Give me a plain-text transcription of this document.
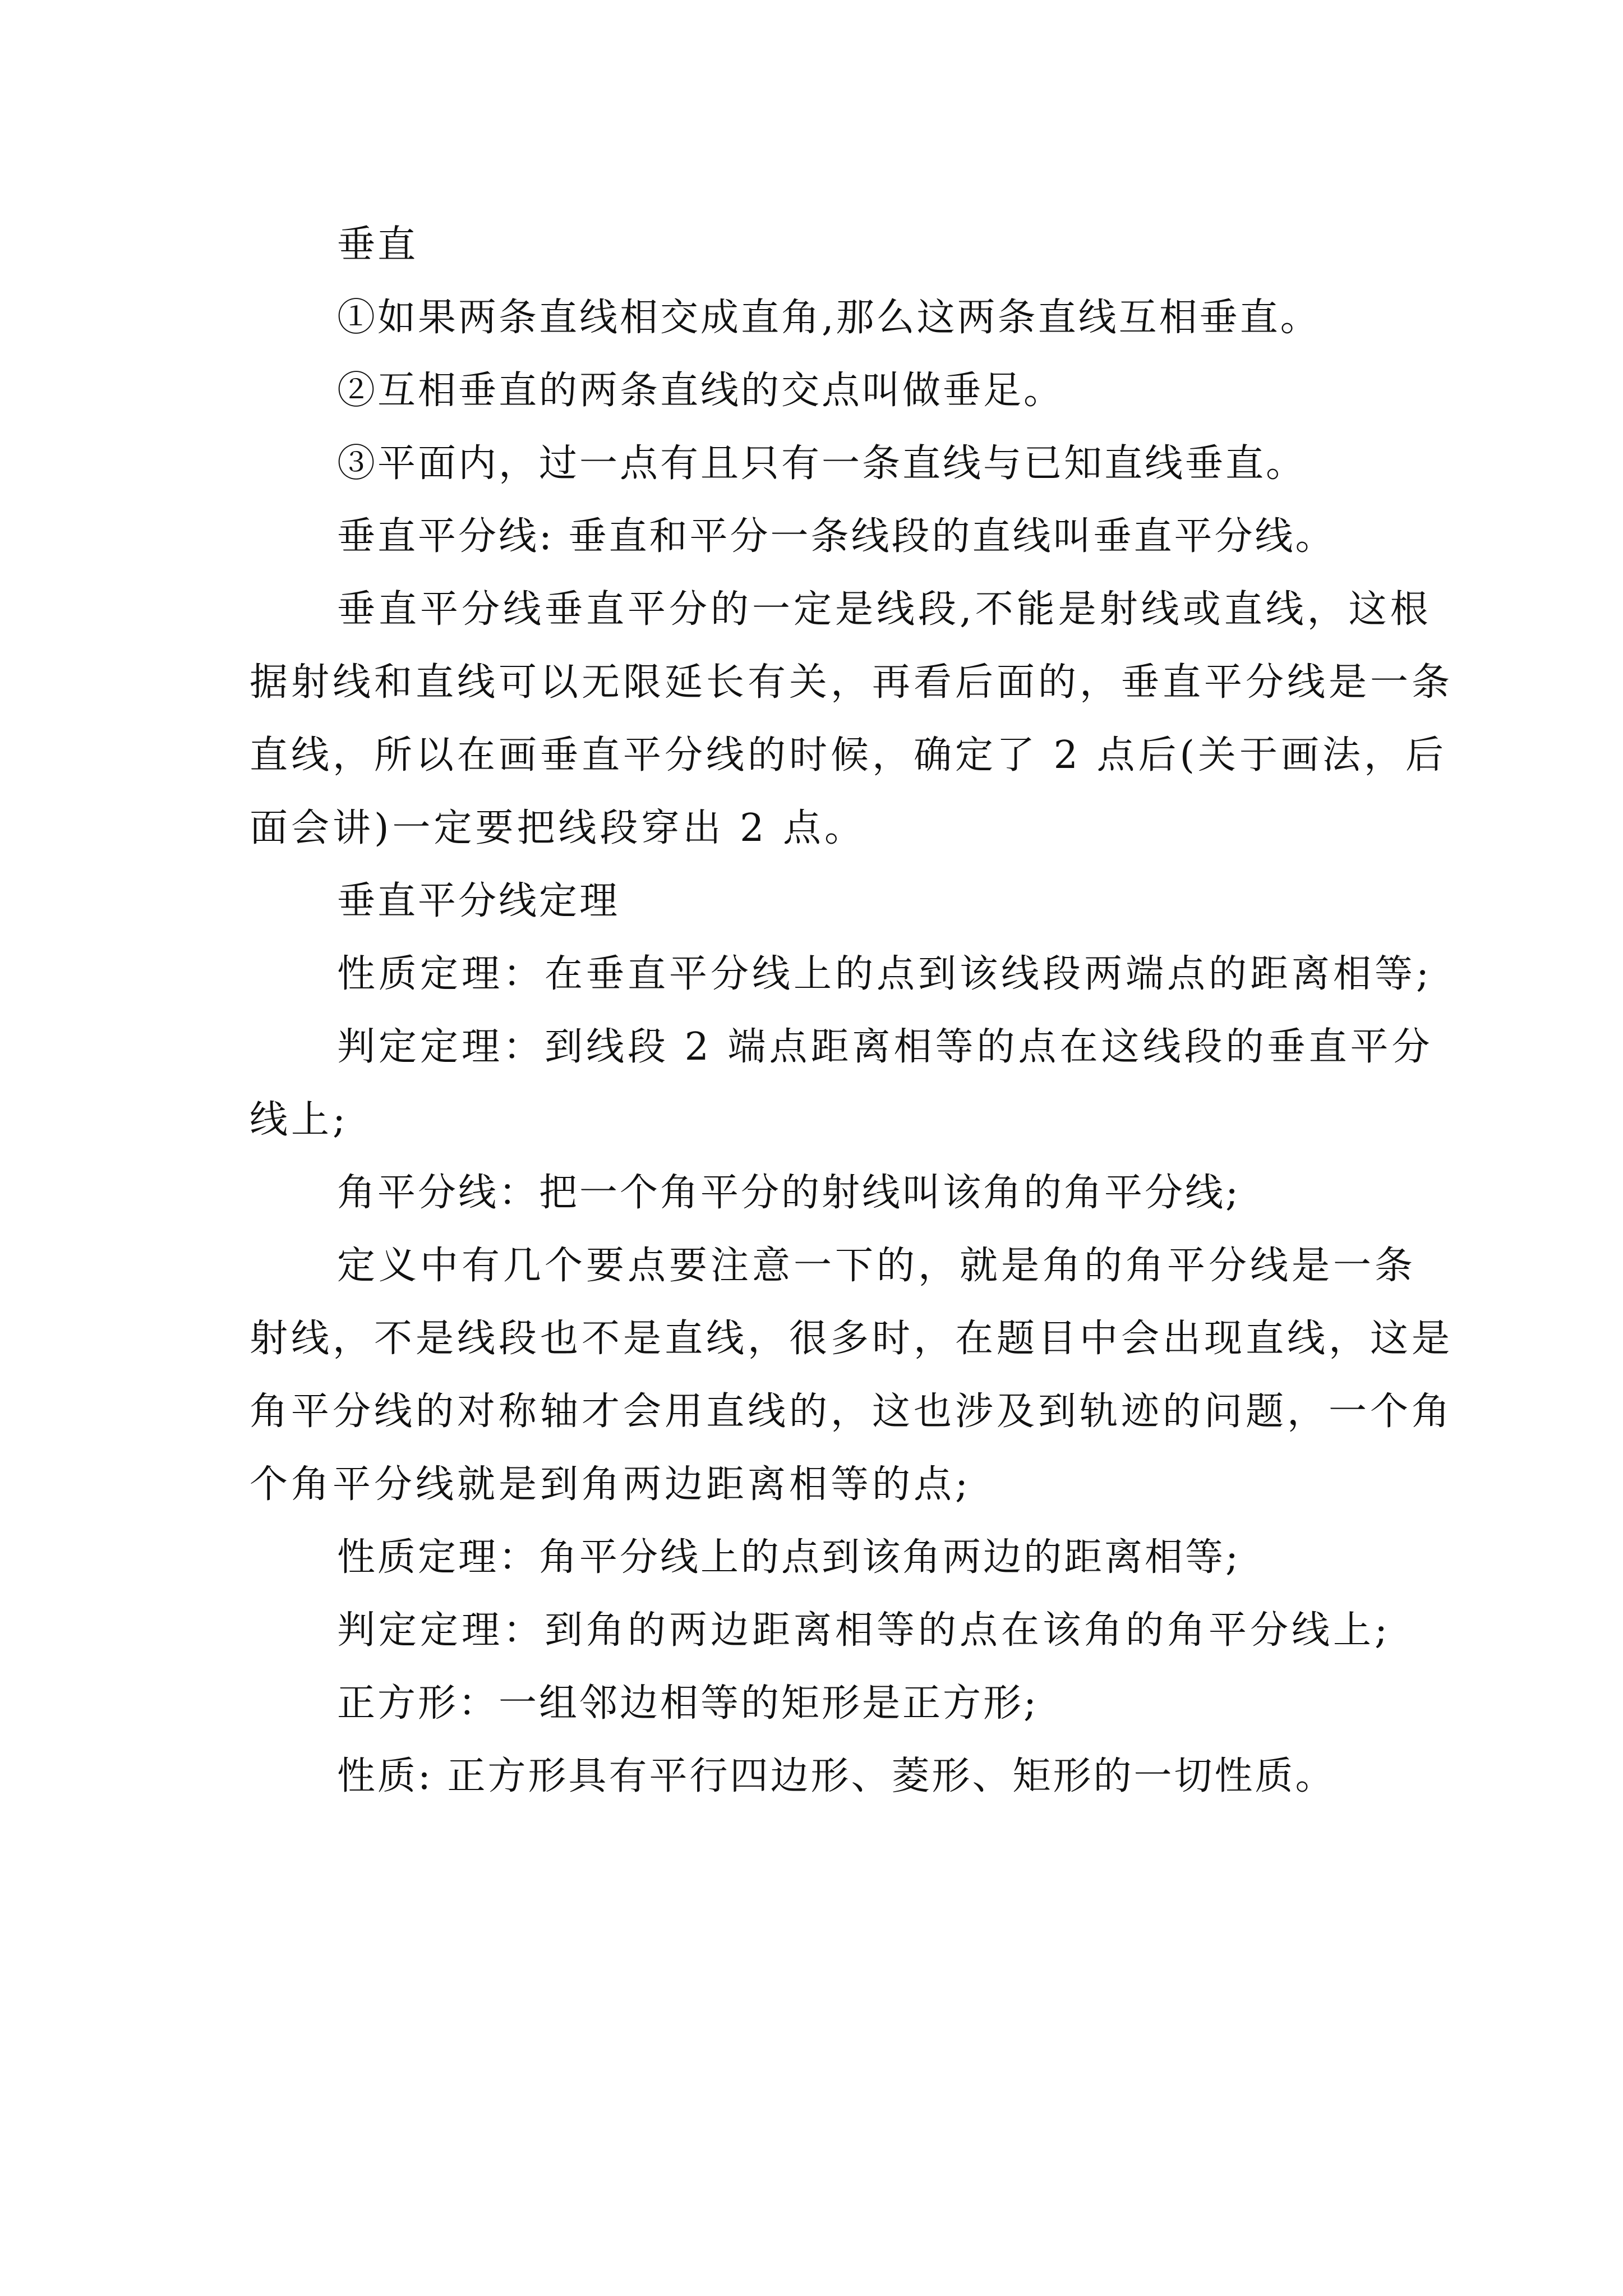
垂直

①如果两条直线相交成直角,那么这两条直线互相垂直。

②互相垂直的两条直线的交点叫做垂足。

③平面内，过一点有且只有一条直线与已知直线垂直。

垂直平分线: 垂直和平分一条线段的直线叫垂直平分线。

垂直平分线垂直平分的一定是线段,不能是射线或直线，这根据射线和直线可以无限延长有关，再看后面的，垂直平分线是一条直线，所以在画垂直平分线的时候，确定了 2 点后(关于画法，后面会讲)一定要把线段穿出 2 点。

垂直平分线定理

性质定理：在垂直平分线上的点到该线段两端点的距离相等;

判定定理：到线段 2 端点距离相等的点在这线段的垂直平分线上;

角平分线：把一个角平分的射线叫该角的角平分线;

定义中有几个要点要注意一下的，就是角的角平分线是一条射线，不是线段也不是直线，很多时，在题目中会出现直线，这是角平分线的对称轴才会用直线的，这也涉及到轨迹的问题，一个角个角平分线就是到角两边距离相等的点;

性质定理：角平分线上的点到该角两边的距离相等;

判定定理：到角的两边距离相等的点在该角的角平分线上;

正方形：一组邻边相等的矩形是正方形;

性质: 正方形具有平行四边形、菱形、矩形的一切性质。
